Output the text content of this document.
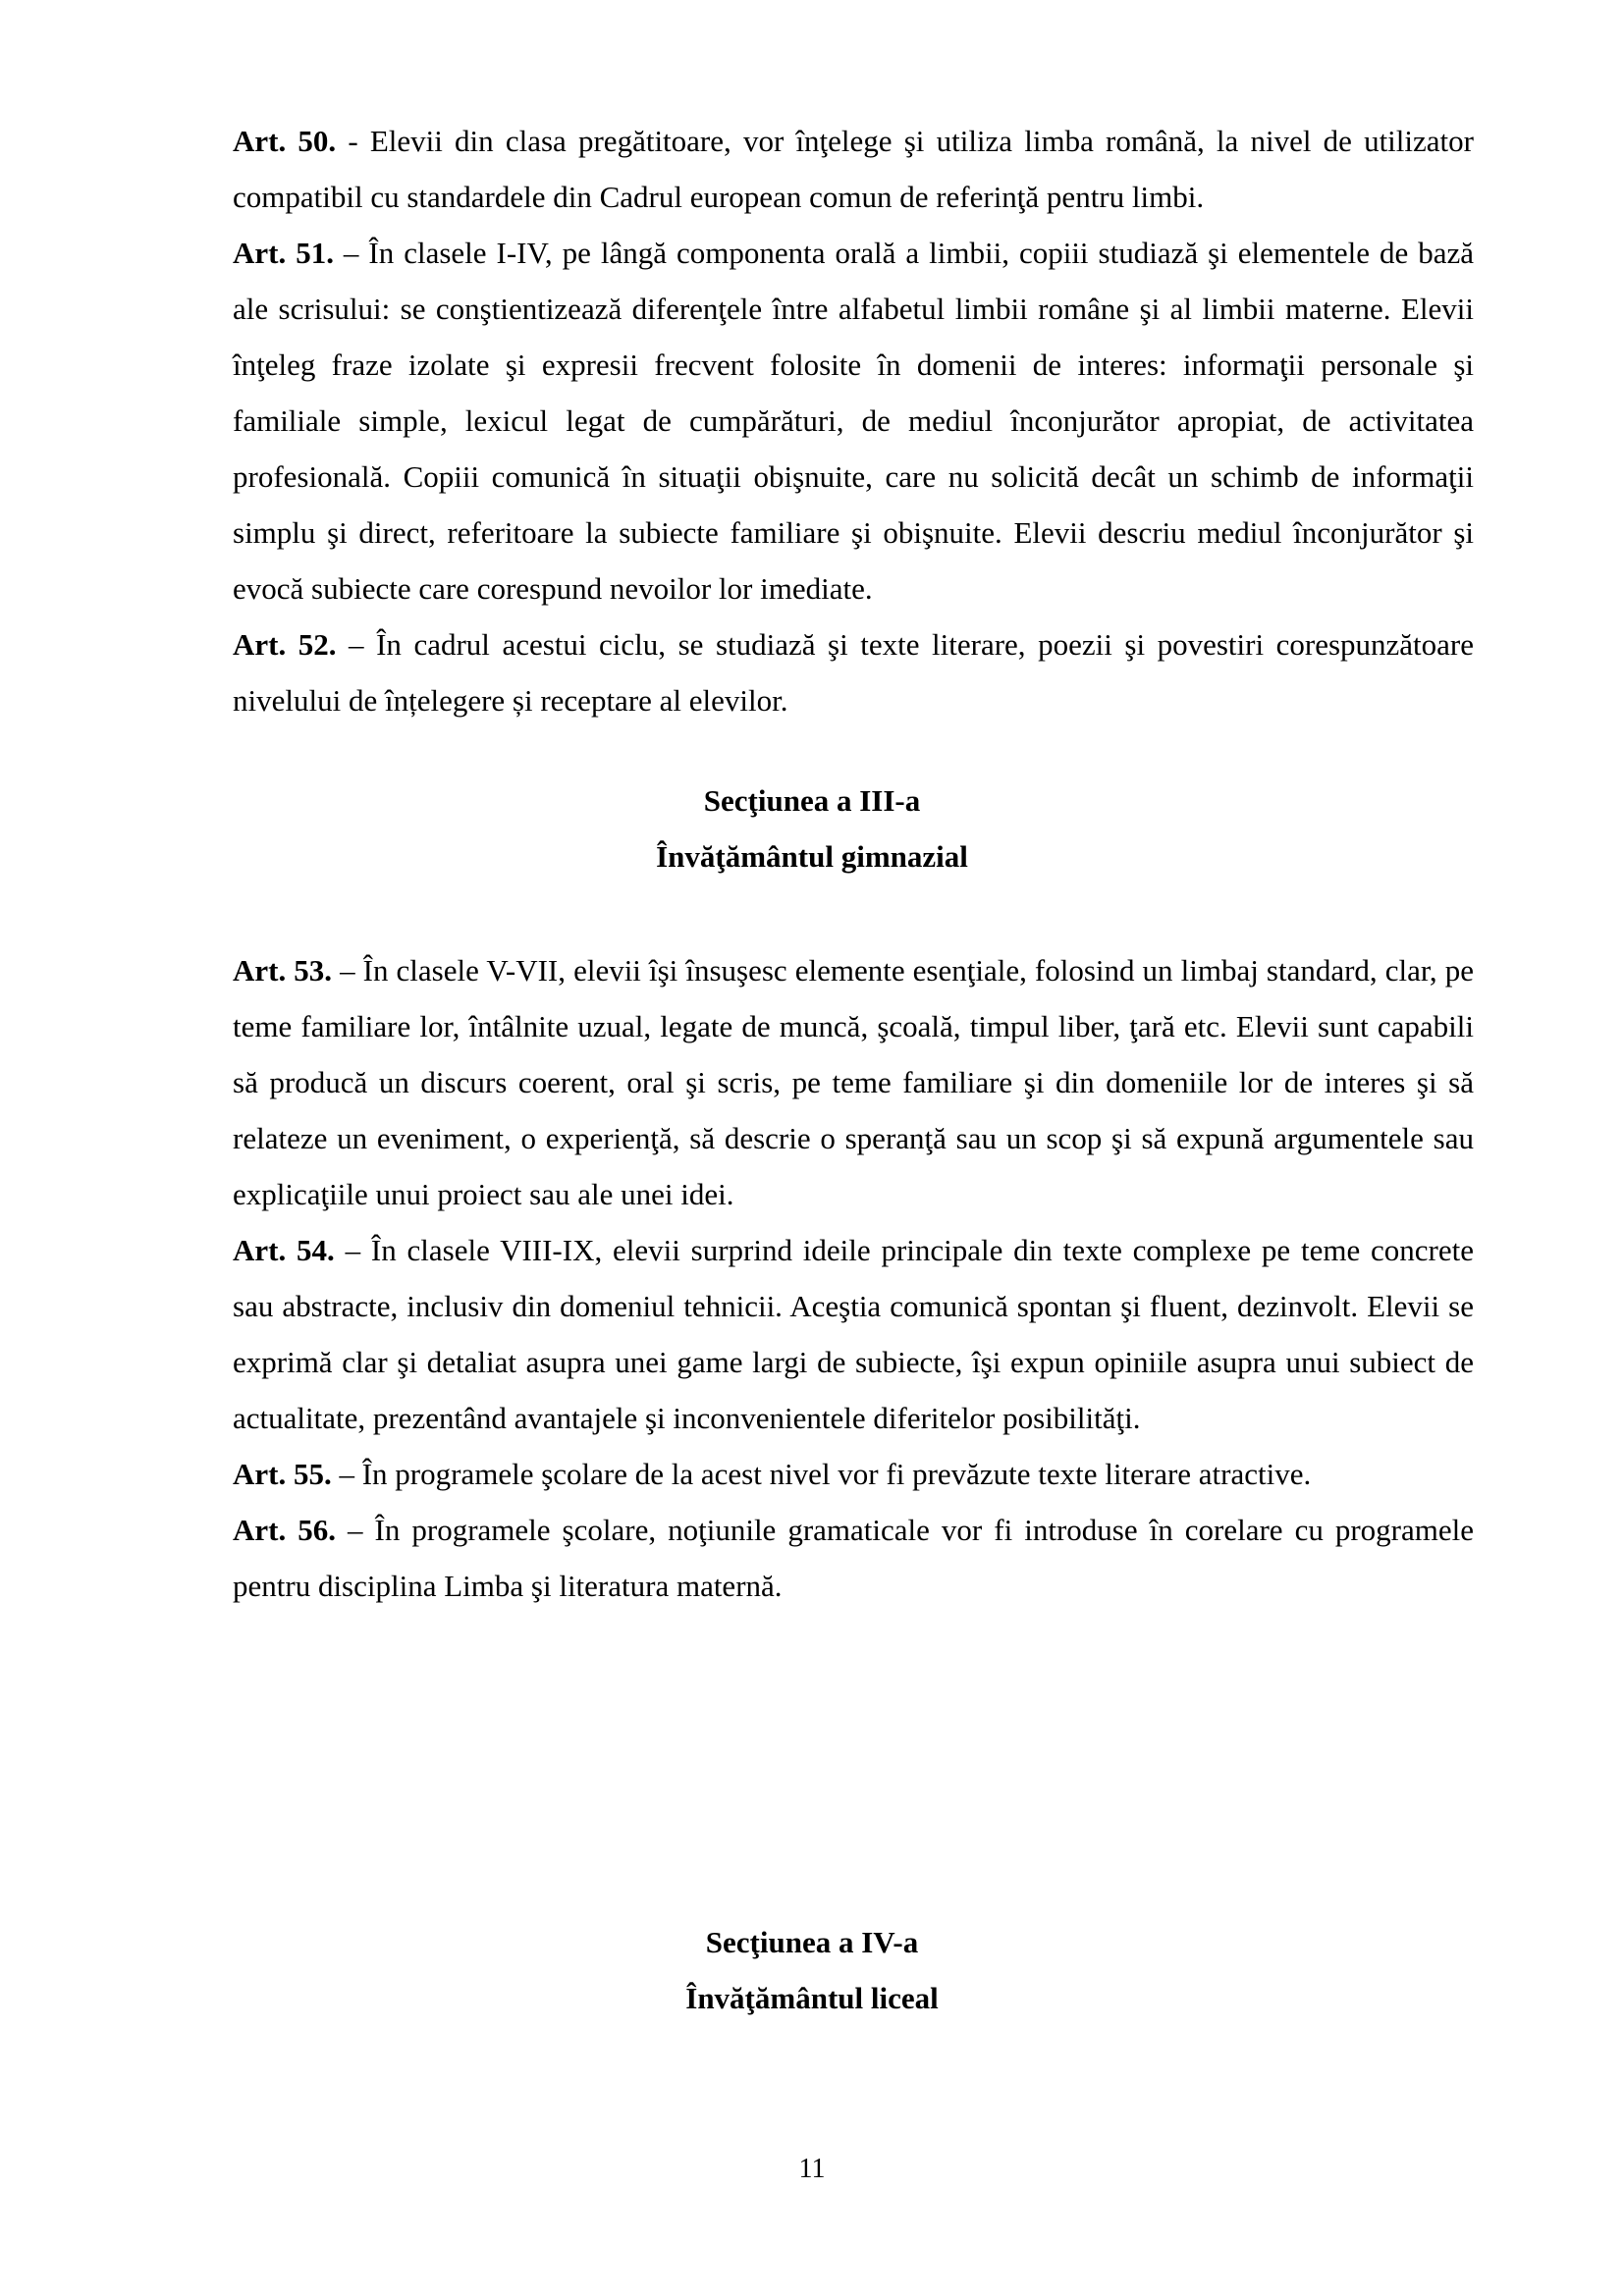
Art. 50. - Elevii din clasa pregătitoare, vor înţelege şi utiliza limba română, la nivel de utilizator compatibil cu standardele din Cadrul european comun de referinţă pentru limbi.

Art. 51. – În clasele I-IV, pe lângă componenta orală a limbii, copiii studiază şi elementele de bază ale scrisului: se conştientizează diferenţele între alfabetul limbii române şi al limbii materne. Elevii înţeleg fraze izolate şi expresii frecvent folosite în domenii de interes: informaţii personale şi familiale simple, lexicul legat de cumpărături, de mediul înconjurător apropiat, de activitatea profesională. Copiii comunică în situaţii obişnuite, care nu solicită decât un schimb de informaţii simplu şi direct, referitoare la subiecte familiare şi obişnuite. Elevii descriu mediul înconjurător şi evocă subiecte care corespund nevoilor lor imediate.

Art. 52. – În cadrul acestui ciclu, se studiază şi texte literare, poezii şi povestiri corespunzătoare nivelului de înțelegere și receptare al elevilor.

Secţiunea a III-a
Învăţământul gimnazial

Art. 53. – În clasele V-VII, elevii îşi însuşesc elemente esenţiale, folosind un limbaj standard, clar, pe teme familiare lor, întâlnite uzual, legate de muncă, şcoală, timpul liber, ţară etc. Elevii sunt capabili să producă un discurs coerent, oral şi scris, pe teme familiare şi din domeniile lor de interes şi să relateze un eveniment, o experienţă, să descrie o speranţă sau un scop şi să expună argumentele sau explicaţiile unui proiect sau ale unei idei.

Art. 54. – În clasele VIII-IX, elevii surprind ideile principale din texte complexe pe teme concrete sau abstracte, inclusiv din domeniul tehnicii. Aceştia comunică spontan şi fluent, dezinvolt. Elevii se exprimă clar şi detaliat asupra unei game largi de subiecte, îşi expun opiniile asupra unui subiect de actualitate, prezentând avantajele şi inconvenientele diferitelor posibilităţi.

Art. 55. – În programele şcolare de la acest nivel vor fi prevăzute texte literare atractive.

Art. 56. – În programele şcolare, noţiunile gramaticale vor fi introduse în corelare cu programele pentru disciplina Limba şi literatura maternă.

Secţiunea a IV-a
Învăţământul liceal
11
